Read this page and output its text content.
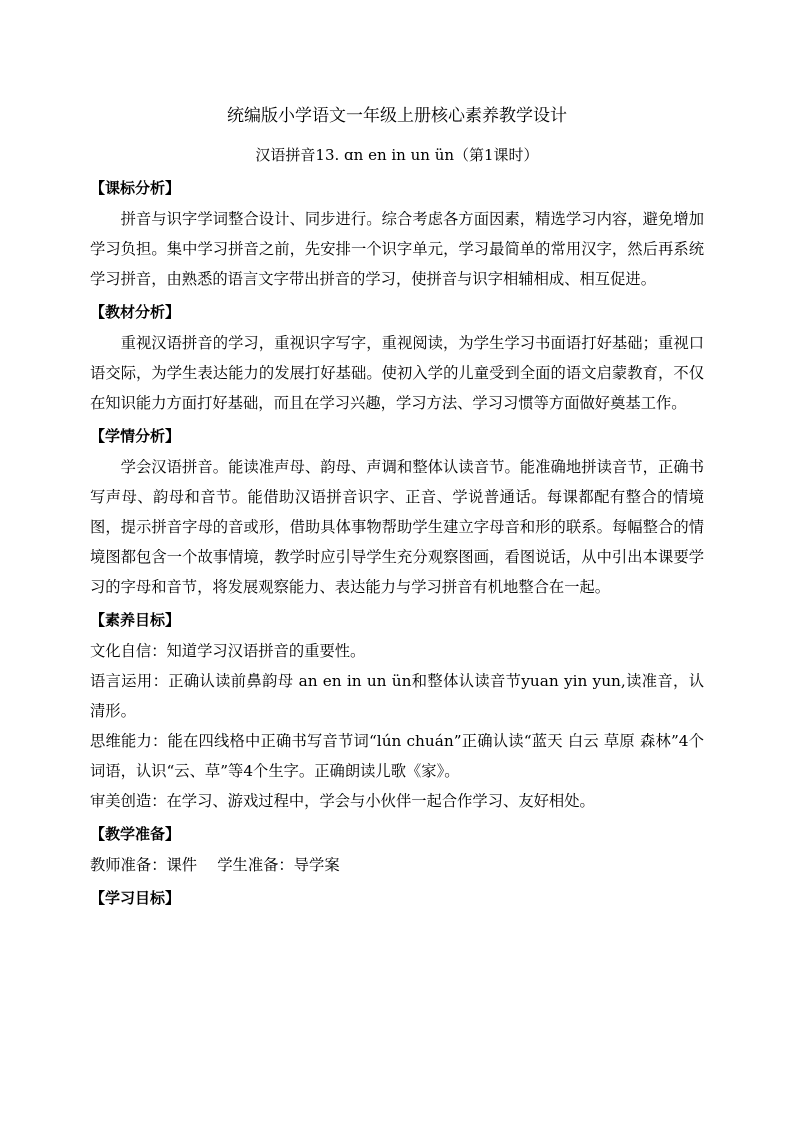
统编版小学语文一年级上册核心素养教学设计
汉语拼音13. ɑn en in un ün（第1课时）
【课标分析】

拼音与识字学词整合设计、同步进行。综合考虑各方面因素，精选学习内容，避免增加学习负担。集中学习拼音之前，先安排一个识字单元，学习最简单的常用汉字，然后再系统学习拼音，由熟悉的语言文字带出拼音的学习，使拼音与识字相辅相成、相互促进。

【教材分析】

重视汉语拼音的学习，重视识字写字，重视阅读，为学生学习书面语打好基础；重视口语交际，为学生表达能力的发展打好基础。使初入学的儿童受到全面的语文启蒙教育，不仅在知识能力方面打好基础，而且在学习兴趣，学习方法、学习习惯等方面做好奠基工作。

【学情分析】

学会汉语拼音。能读准声母、韵母、声调和整体认读音节。能准确地拼读音节，正确书写声母、韵母和音节。能借助汉语拼音识字、正音、学说普通话。每课都配有整合的情境图，提示拼音字母的音或形，借助具体事物帮助学生建立字母音和形的联系。每幅整合的情境图都包含一个故事情境，教学时应引导学生充分观察图画，看图说话，从中引出本课要学习的字母和音节，将发展观察能力、表达能力与学习拼音有机地整合在一起。

【素养目标】

文化自信：知道学习汉语拼音的重要性。

语言运用：正确认读前鼻韵母 an en in un ün和整体认读音节yuan yin yun,读准音，认清形。

思维能力：能在四线格中正确书写音节词“lún chuán”正确认读“蓝天 白云 草原 森林”4个词语，认识“云、草”等4个生字。正确朗读儿歌《家》。

审美创造：在学习、游戏过程中，学会与小伙伴一起合作学习、友好相处。

【教学准备】

教师准备：课件　 学生准备：导学案

【学习目标】
